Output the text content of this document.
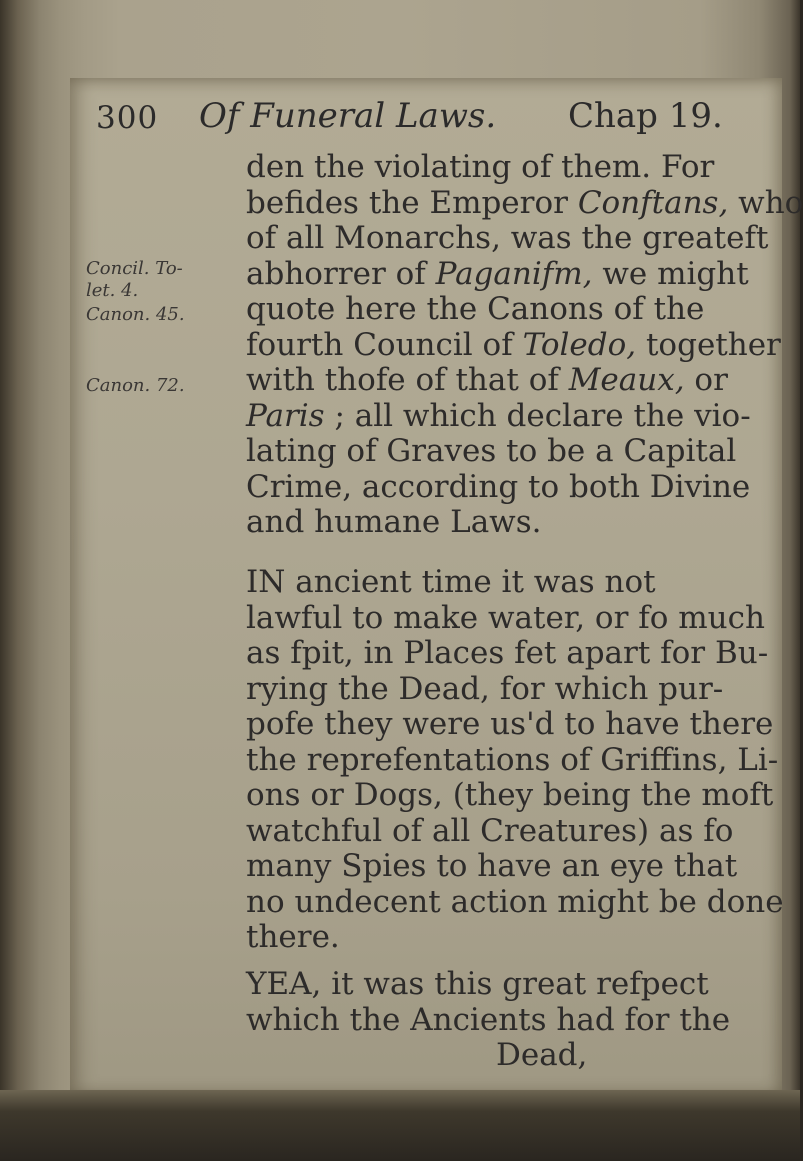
300 Of Funeral Laws. Chap 19.
Concil. To-
let. 4.
Canon. 45.
Canon. 72.
den the violating of them. For
befides the Emperor Conftans, who
of all Monarchs, was the greateft
abhorrer of Paganifm, we might
quote here the Canons of the
fourth Council of Toledo, together
with thofe of that of Meaux, or
Paris ; all which declare the vio-
lating of Graves to be a Capital
Crime, according to both Divine
and humane Laws.
IN ancient time it was not
lawful to make water, or fo much
as fpit, in Places fet apart for Bu-
rying the Dead, for which pur-
pofe they were us'd to have there
the reprefentations of Griffins, Li-
ons or Dogs, (they being the moft
watchful of all Creatures) as fo
many Spies to have an eye that
no undecent action might be done
there.
YEA, it was this great refpect
which the Ancients had for the
Dead,
